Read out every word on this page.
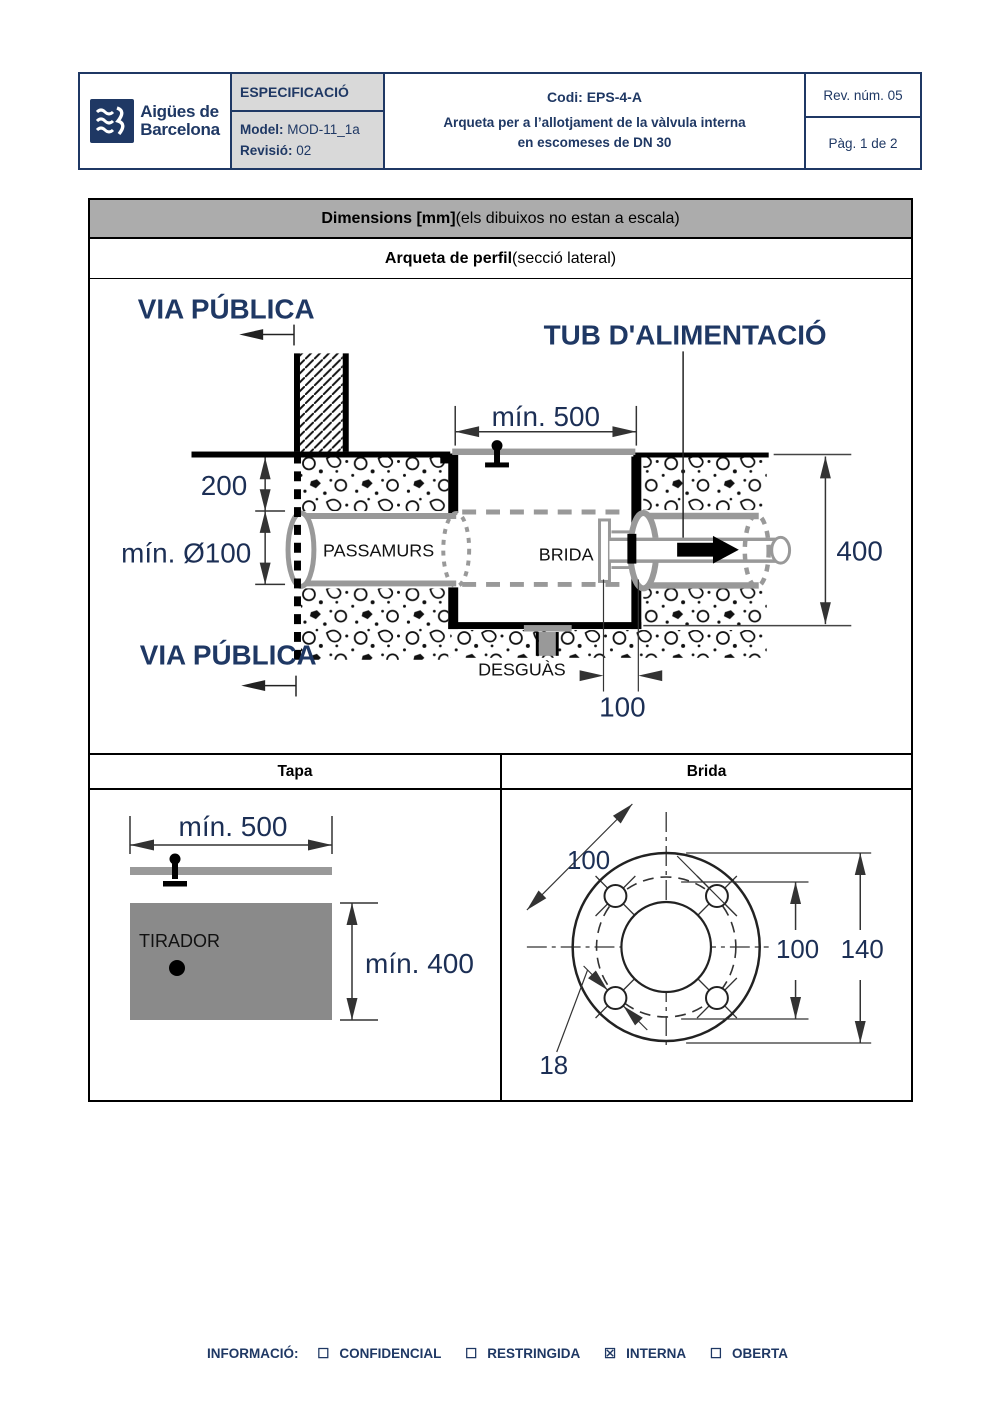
Aigües de
Barcelona
ESPECIFICACIÓ
Model: MOD-11_1a
Revisió: 02
Codi: EPS-4-A
Arqueta per a l’allotjament de la vàlvula interna
en escomeses de DN 30
Rev. núm. 05
Pàg. 1 de 2
Dimensions [mm] (els dibuixos no estan a escala)
Arqueta de perfil (secció lateral)
PASSAMURS
mín. 500
200
mín. Ø100	400
100
VIA PÚBLICA
TUB D'ALIMENTACIÓ
VIA PÚBLICA
BRIDA
DESGUÀS
Tapa	Brida
mín. 500
TIRADOR
mín. 400
100
18
100 140
INFORMACIÓ: ☐ CONFIDENCIAL ☐ RESTRINGIDA ☒ INTERNA ☐ OBERTA
